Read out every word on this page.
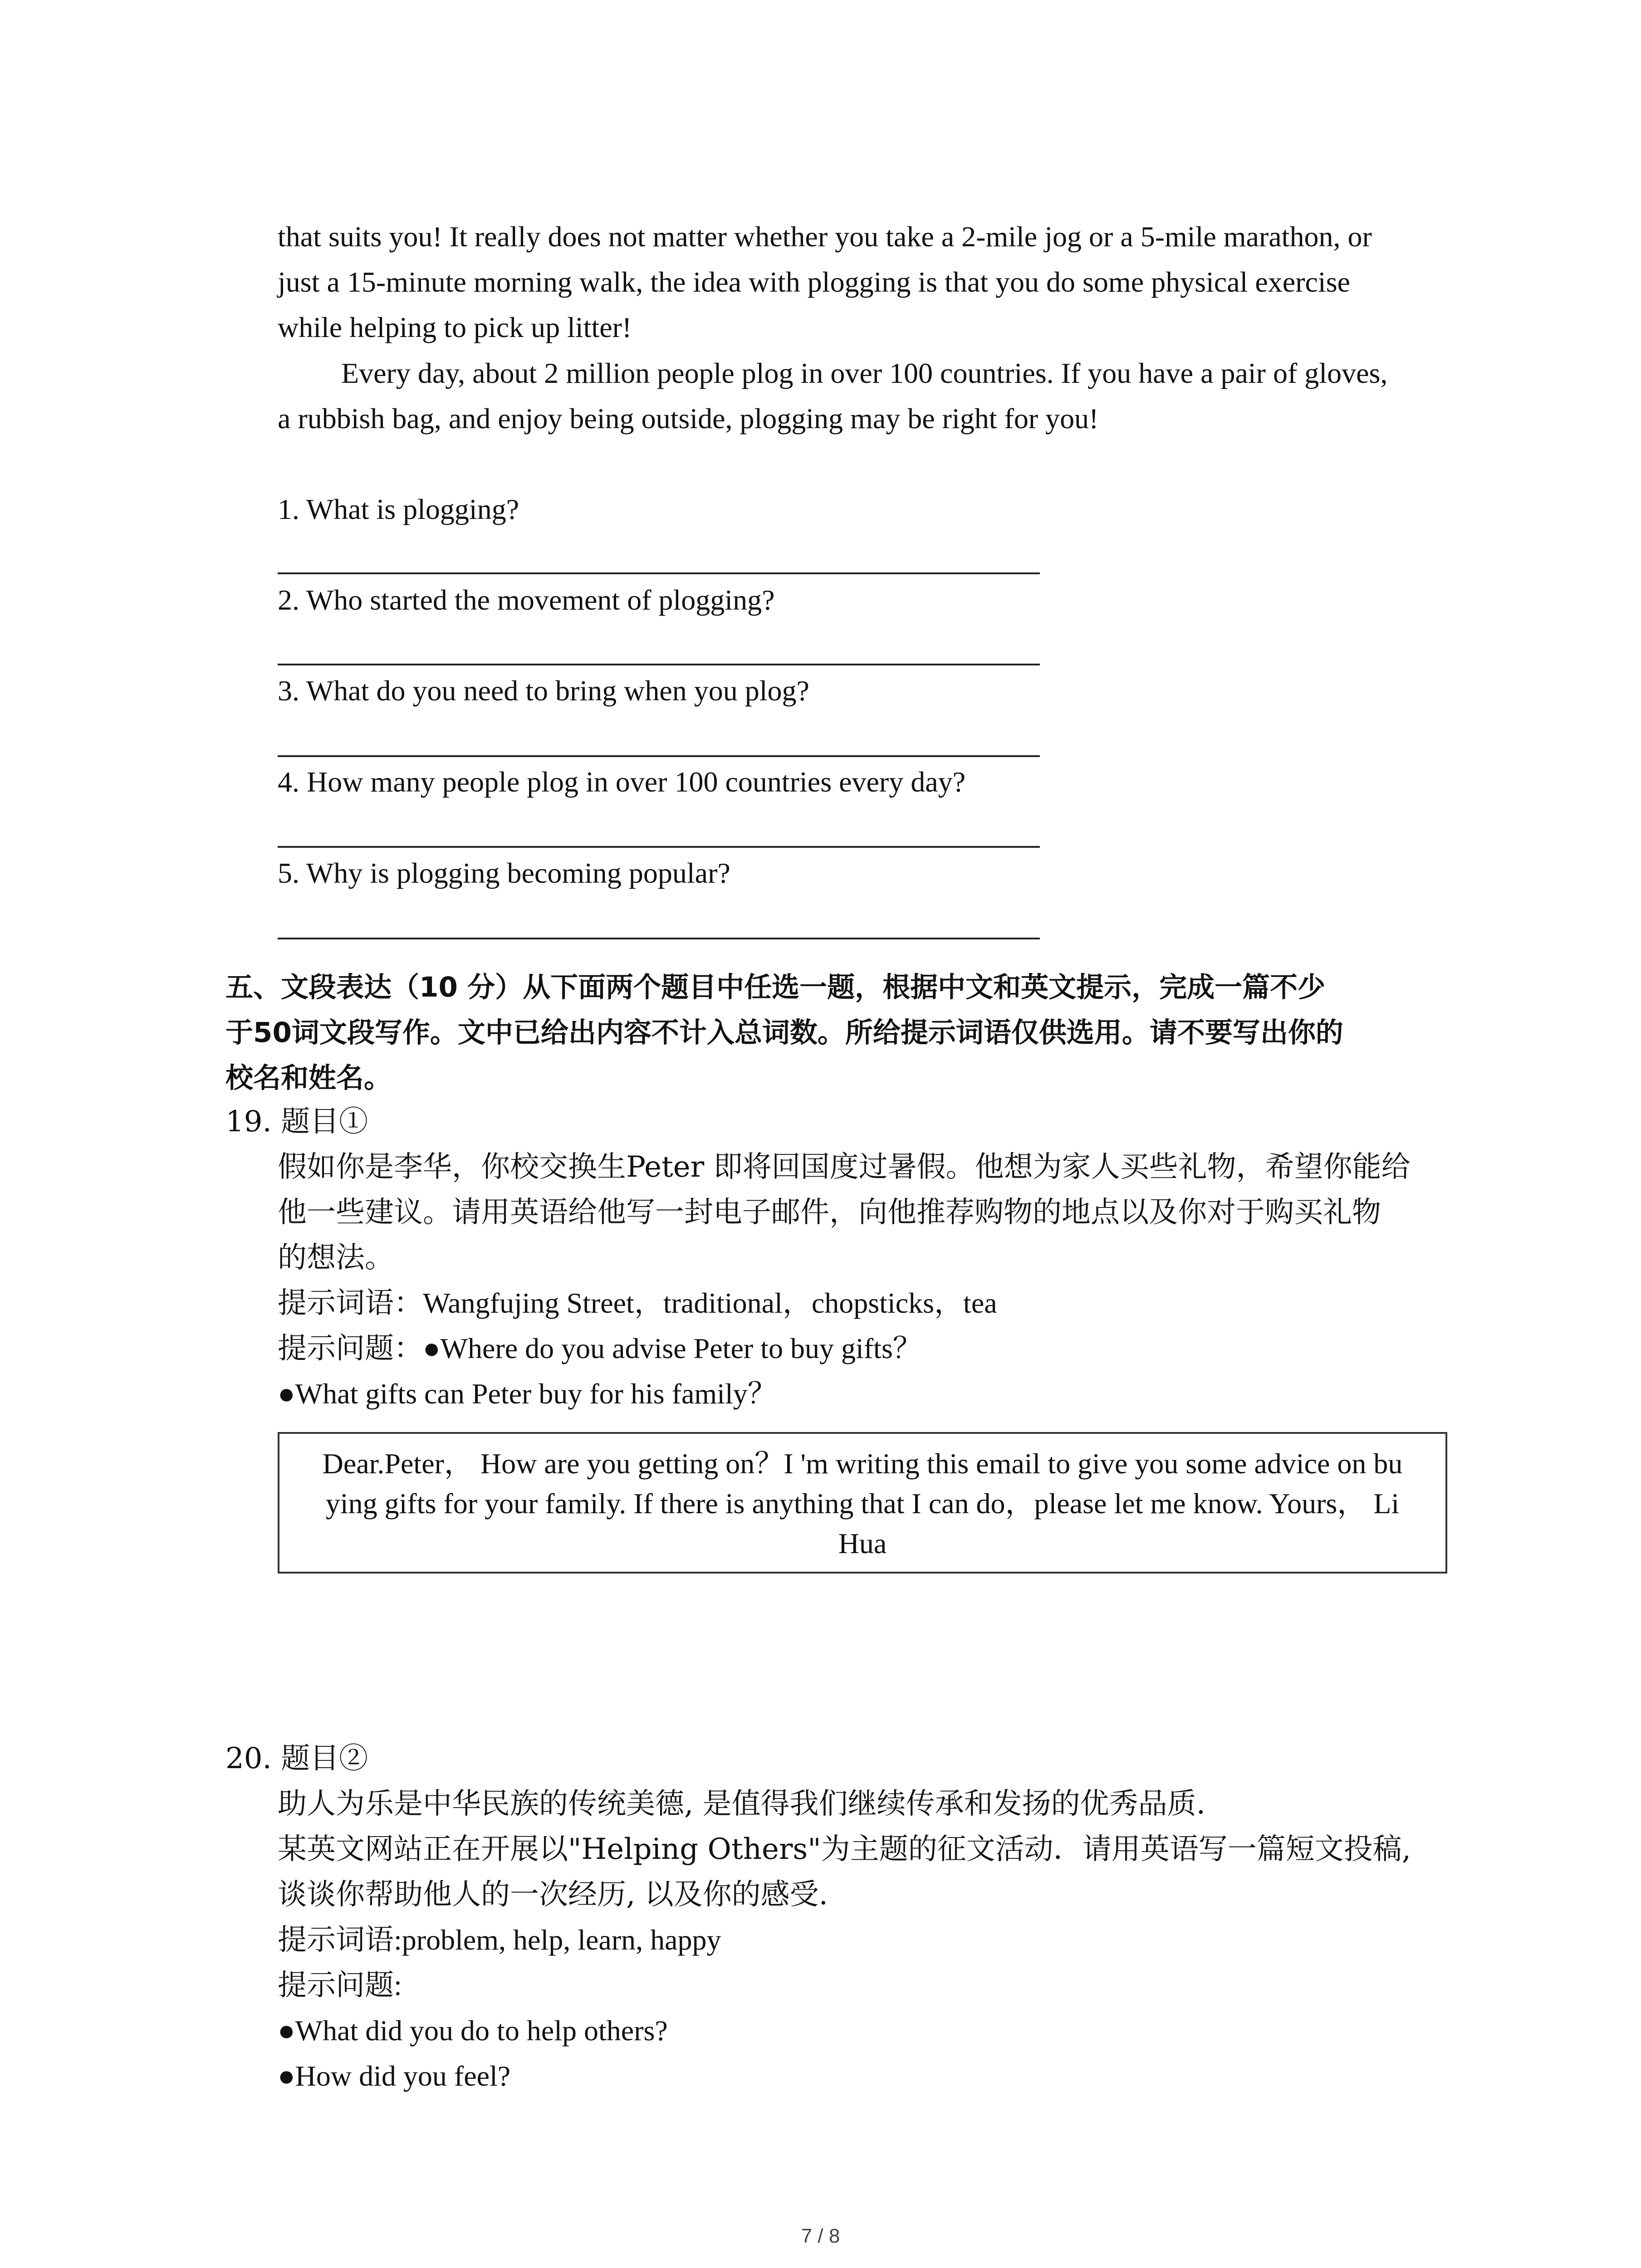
that suits you! It really does not matter whether you take a 2-mile jog or a 5-mile marathon, or

just a 15-minute morning walk, the idea with plogging is that you do some physical exercise

while helping to pick up litter!

Every day, about 2 million people plog in over 100 countries. If you have a pair of gloves,

a rubbish bag, and enjoy being outside, plogging may be right for you!

1. What is plogging?

2. Who started the movement of plogging?

3. What do you need to bring when you plog?

4. How many people plog in over 100 countries every day?

5. Why is plogging becoming popular?

五、文段表达（10 分）从下面两个题目中任选一题，根据中文和英文提示，完成一篇不少

于50词文段写作。文中已给出内容不计入总词数。所给提示词语仅供选用。请不要写出你的

校名和姓名。

19. 题目①

假如你是李华，你校交换生Peter 即将回国度过暑假。他想为家人买些礼物，希望你能给

他一些建议。请用英语给他写一封电子邮件，向他推荐购物的地点以及你对于购买礼物

的想法。

提示词语：Wangfujing Street，traditional，chopsticks，tea

提示问题：●Where do you advise Peter to buy gifts？

●What gifts can Peter buy for his family？

Dear.Peter， How are you getting on？I 'm writing this email to give you some advice on bu

ying gifts for your family. If there is anything that I can do，please let me know. Yours， Li

Hua

20. 题目②

助人为乐是中华民族的传统美德, 是值得我们继续传承和发扬的优秀品质.

某英文网站正在开展以"Helping Others"为主题的征文活动．请用英语写一篇短文投稿,

谈谈你帮助他人的一次经历, 以及你的感受.

提示词语:problem, help, learn, happy

提示问题:

●What did you do to help others?

●How did you feel?

7 / 8
